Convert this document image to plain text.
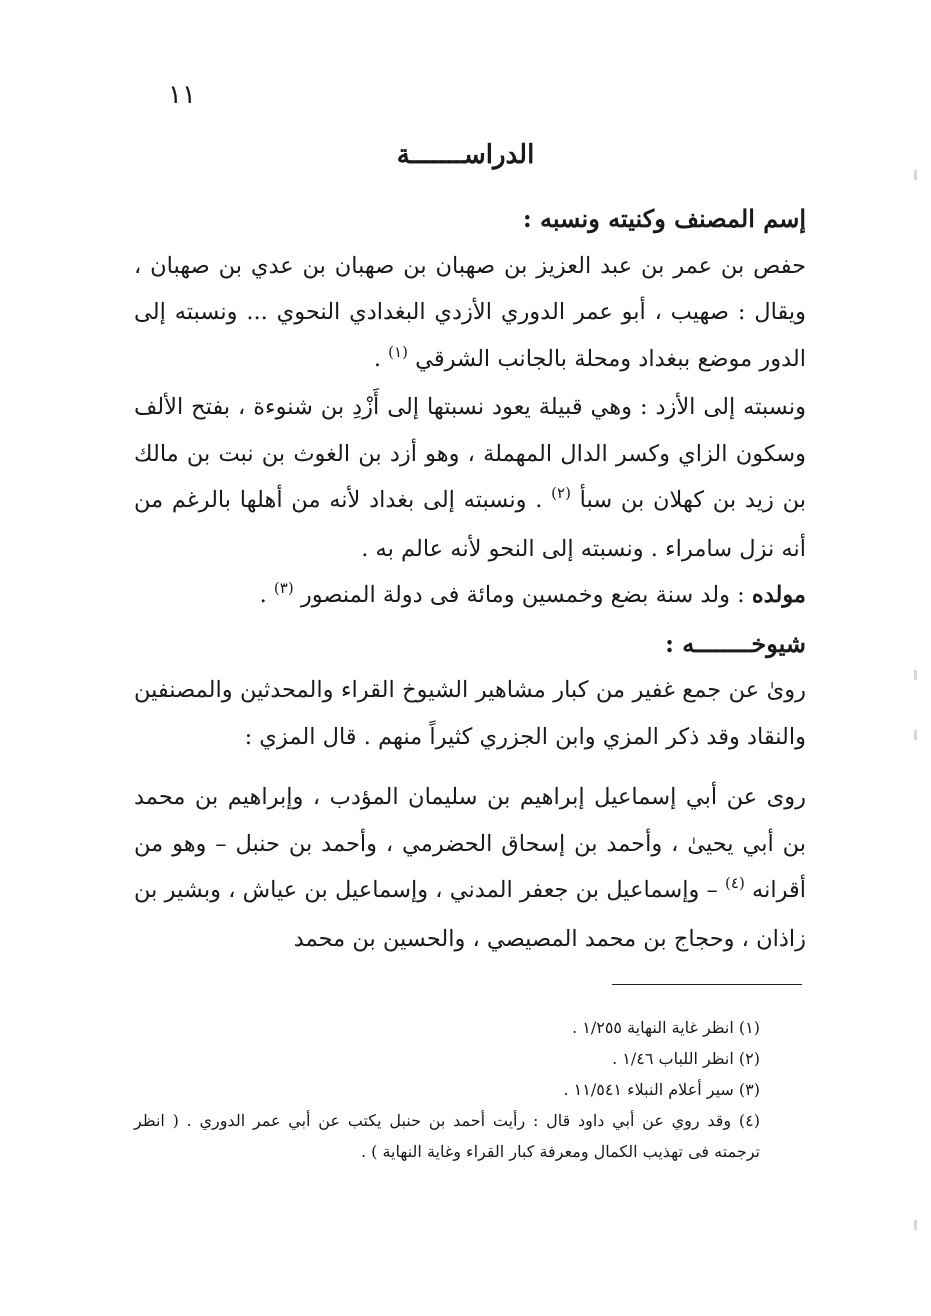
١١
الدراســـــــة

إسم المصنف وكنيته ونسبه :

حفص بن عمر بن عبد العزيز بن صهبان بن صهبان بن عدي بن صهبان ، ويقال : صهيب ، أبو عمر الدوري الأزدي البغدادي النحوي ... ونسبته إلى الدور موضع ببغداد ومحلة بالجانب الشرقي $^{(١)}$ .

ونسبته إلى الأزد : وهي قبيلة يعود نسبتها إلى أَزْدِ بن شنوءة ، بفتح الألف وسكون الزاي وكسر الدال المهملة ، وهو أزد بن الغوث بن نبت بن مالك بن زيد بن كهلان بن سبأ $^{(٢)}$ . ونسبته إلى بغداد لأنه من أهلها بالرغم من أنه نزل سامراء . ونسبته إلى النحو لأنه عالم به .

مولده : ولد سنة بضع وخمسين ومائة فى دولة المنصور $^{(٣)}$ .

شيوخــــــــه :

روىٰ عن جمع غفير من كبار مشاهير الشيوخ القراء والمحدثين والمصنفين والنقاد وقد ذكر المزي وابن الجزري كثيراً منهم . قال المزي :

روى عن أبي إسماعيل إبراهيم بن سليمان المؤدب ، وإبراهيم بن محمد بن أبي يحيىٰ ، وأحمد بن إسحاق الحضرمي ، وأحمد بن حنبل – وهو من أقرانه $^{(٤)}$ – وإسماعيل بن جعفر المدني ، وإسماعيل بن عياش ، وبشير بن زاذان ، وحجاج بن محمد المصيصي ، والحسين بن محمد

(١) انظر غاية النهاية ١/٢٥٥ .

(٢) انظر اللباب ١/٤٦ .

(٣) سير أعلام النبلاء ١١/٥٤١ .

(٤) وقد روي عن أبي داود قال : رأيت أحمد بن حنبل يكتب عن أبي عمر الدوري . ( انظر ترجمته فى تهذيب الكمال ومعرفة كبار القراء وغاية النهاية ) .
